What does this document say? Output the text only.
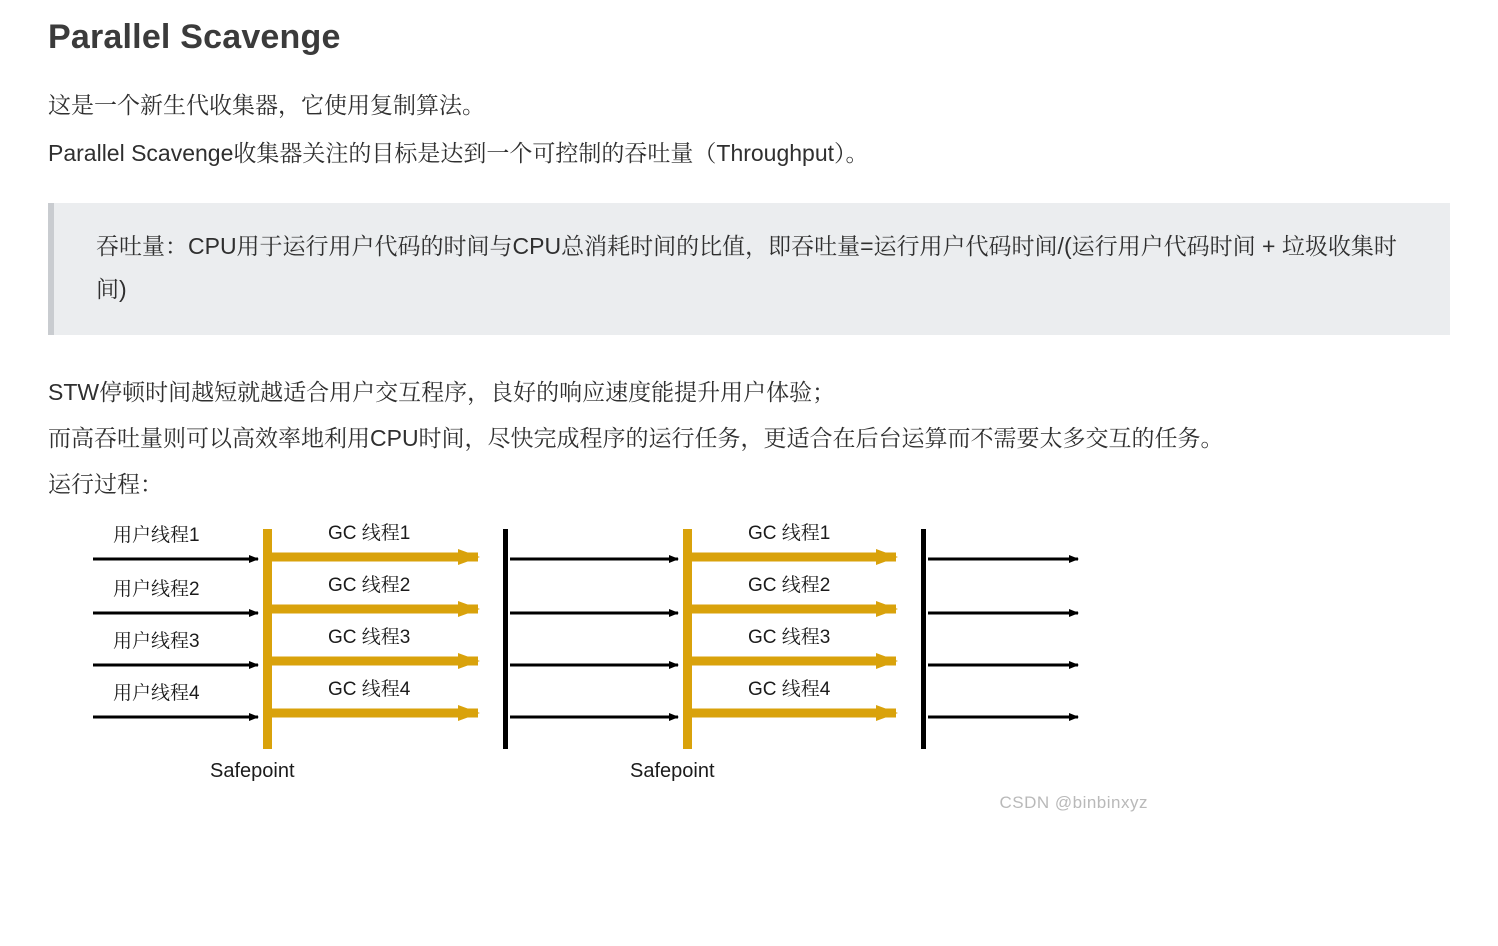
Parallel Scavenge

这是一个新生代收集器，它使用复制算法。

Parallel Scavenge收集器关注的目标是达到一个可控制的吞吐量（Throughput）。

吞吐量：CPU用于运行用户代码的时间与CPU总消耗时间的比值，即吞吐量=运行用户代码时间/(运行用户代码时间 + 垃圾收集时间)

STW停顿时间越短就越适合用户交互程序，良好的响应速度能提升用户体验；

而高吞吐量则可以高效率地利用CPU时间，尽快完成程序的运行任务，更适合在后台运算而不需要太多交互的任务。

运行过程：

用户线程1
用户线程2
用户线程3
用户线程4
GC 线程1
GC 线程2
GC 线程3
GC 线程4
GC 线程1
GC 线程2
GC 线程3
GC 线程4
Safepoint	Safepoint
CSDN @binbinxyz
